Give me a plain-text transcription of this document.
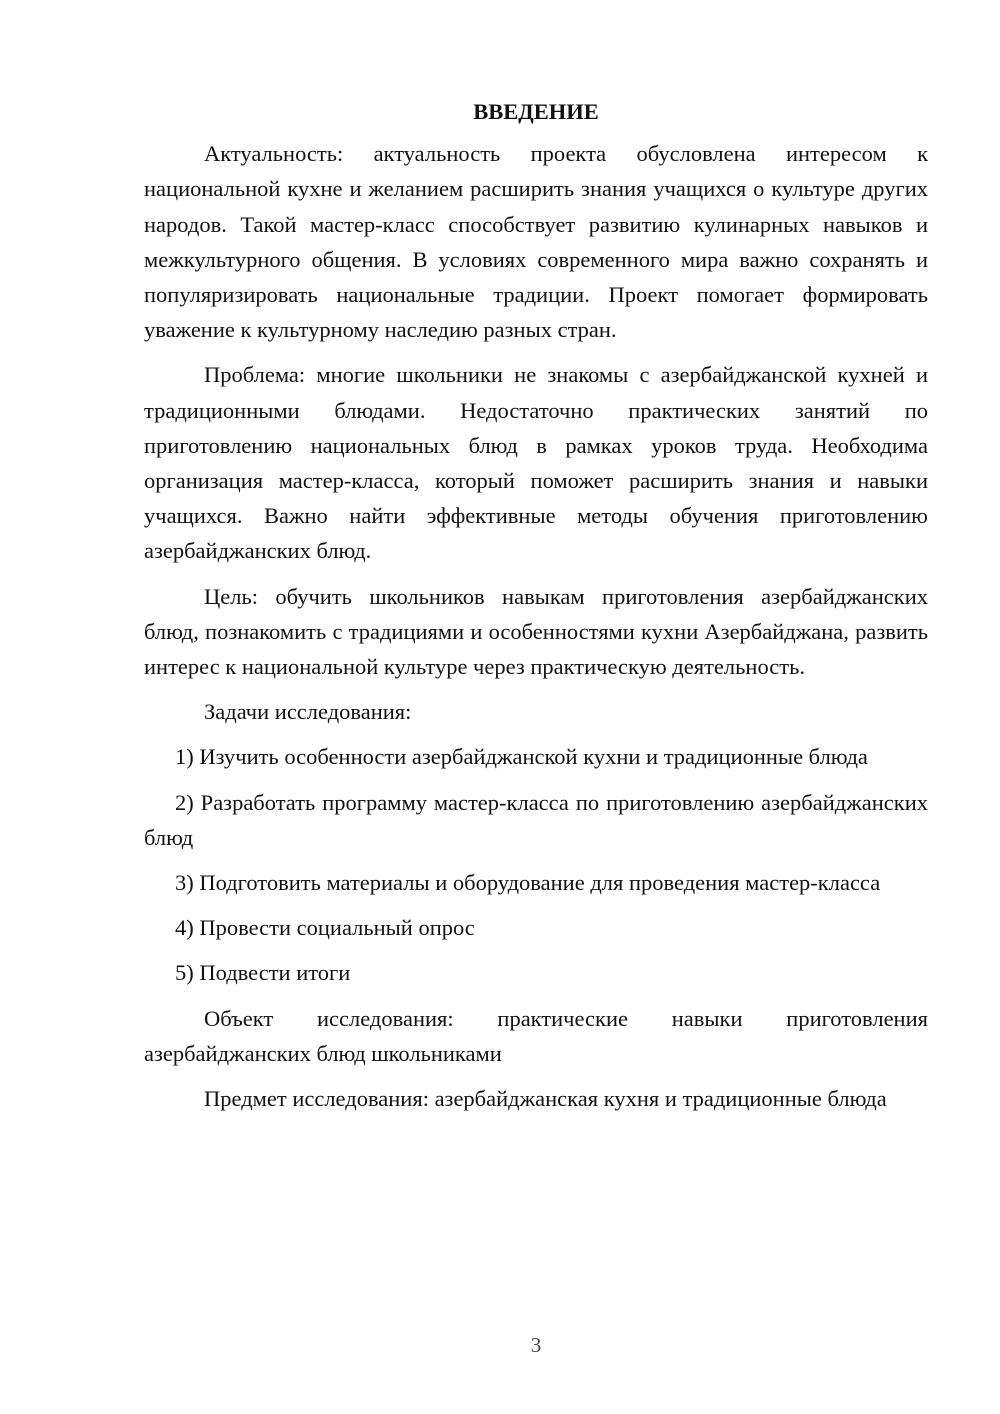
ВВЕДЕНИЕ

Актуальность: актуальность проекта обусловлена интересом к национальной кухне и желанием расширить знания учащихся о культуре других народов. Такой мастер-класс способствует развитию кулинарных навыков и межкультурного общения. В условиях современного мира важно сохранять и популяризировать национальные традиции. Проект помогает формировать уважение к культурному наследию разных стран.

Проблема: многие школьники не знакомы с азербайджанской кухней и традиционными блюдами. Недостаточно практических занятий по приготовлению национальных блюд в рамках уроков труда. Необходима организация мастер-класса, который поможет расширить знания и навыки учащихся. Важно найти эффективные методы обучения приготовлению азербайджанских блюд.

Цель: обучить школьников навыкам приготовления азербайджанских блюд, познакомить с традициями и особенностями кухни Азербайджана, развить интерес к национальной культуре через практическую деятельность.

Задачи исследования:

1) Изучить особенности азербайджанской кухни и традиционные блюда

2) Разработать программу мастер-класса по приготовлению азербайджанских блюд

3) Подготовить материалы и оборудование для проведения мастер-класса

4) Провести социальный опрос

5) Подвести итоги

Объект исследования: практические навыки приготовления азербайджанских блюд школьниками

Предмет исследования: азербайджанская кухня и традиционные блюда

3
